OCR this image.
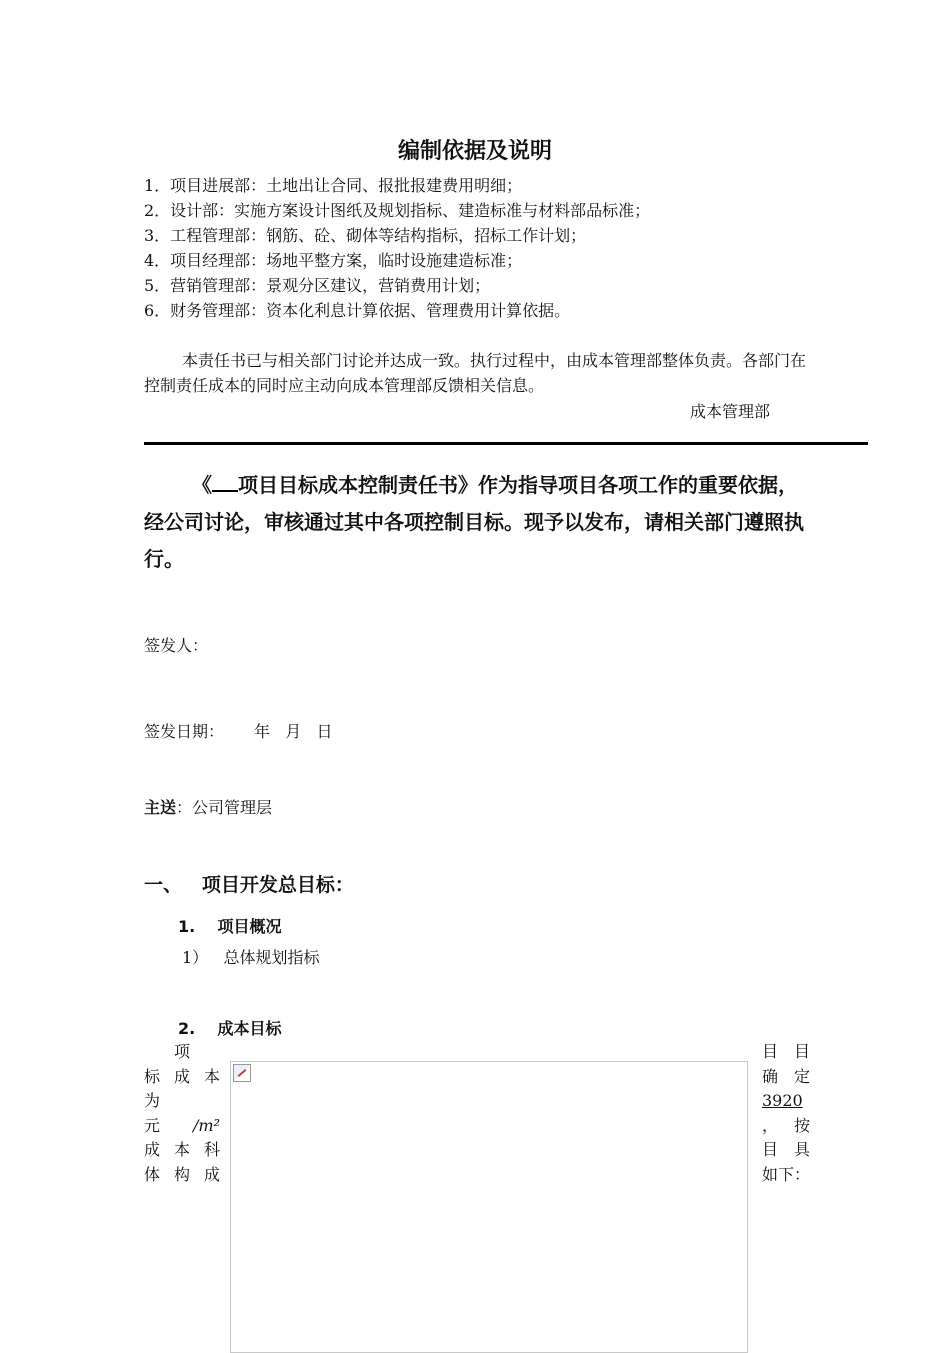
编制依据及说明
1．项目进展部：土地出让合同、报批报建费用明细；
2．设计部：实施方案设计图纸及规划指标、建造标准与材料部品标准；
3．工程管理部：钢筋、砼、砌体等结构指标，招标工作计划；
4．项目经理部：场地平整方案，临时设施建造标准；
5．营销管理部：景观分区建议，营销费用计划；
6．财务管理部：资本化利息计算依据、管理费用计算依据。
本责任书已与相关部门讨论并达成一致。执行过程中，由成本管理部整体负责。各部门在控制责任成本的同时应主动向成本管理部反馈相关信息。
成本管理部
《 项目目标成本控制责任书》作为指导项目各项工作的重要依据，经公司讨论，审核通过其中各项控制目标。现予以发布，请相关部门遵照执行。
签发人：
签发日期： 年   月   日
主送：公司管理层
一、   项目开发总目标：
1.    项目概况
1）   总体规划指标
2.    成本目标
项
标 成 本
为
元 /m²
成 本 科
体 构 成
目 目
确 定
3920
， 按
目 具
如下：
